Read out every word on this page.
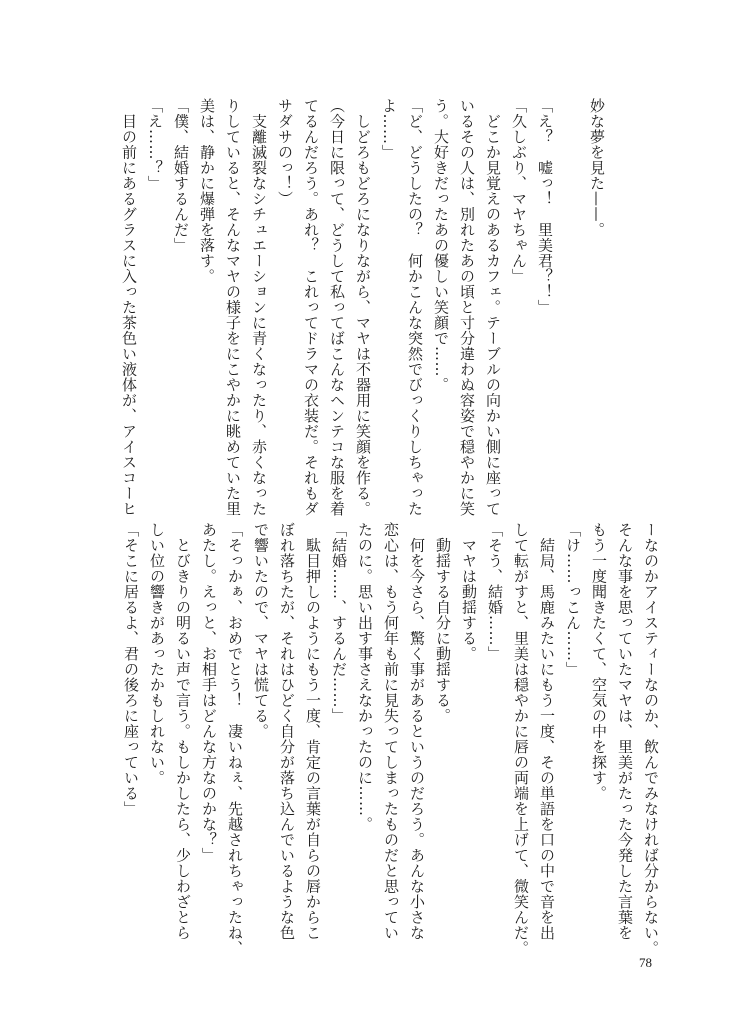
妙な夢を見た——。

「え？　嘘っ！　里美君？！」

「久しぶり、マヤちゃん」

　どこか見覚えのあるカフェ。テーブルの向かい側に座って

いるその人は、別れたあの頃と寸分違わぬ容姿で穏やかに笑

う。大好きだったあの優しい笑顔で……。

「ど、どうしたの？　何かこんな突然でびっくりしちゃった

よ……」

　しどろもどろになりながら、マヤは不器用に笑顔を作る。

（今日に限って、どうして私ってばこんなヘンテコな服を着

てるんだろう。あれ？　これってドラマの衣装だ。それもダ

サダサのっ！）

　支離滅裂なシチュエーションに青くなったり、赤くなった

りしていると、そんなマヤの様子をにこやかに眺めていた里

美は、静かに爆弾を落す。

「僕、結婚するんだ」

「え……？」

　目の前にあるグラスに入った茶色い液体が、アイスコーヒ

ーなのかアイスティーなのか、飲んでみなければ分からない。

そんな事を思っていたマヤは、里美がたった今発した言葉を

もう一度聞きたくて、空気の中を探す。

「け……っこん……」

　結局、馬鹿みたいにもう一度、その単語を口の中で音を出

して転がすと、里美は穏やかに唇の両端を上げて、微笑んだ。

「そう、結婚……」

　マヤは動揺する。

　動揺する自分に動揺する。

　何を今さら、驚く事があるというのだろう。あんな小さな

恋心は、もう何年も前に見失ってしまったものだと思ってい

たのに。思い出す事さえなかったのに……。

「結婚……、するんだ……」

　駄目押しのようにもう一度、肯定の言葉が自らの唇からこ

ぼれ落ちたが、それはひどく自分が落ち込んでいるような色

で響いたので、マヤは慌てる。

「そっかぁ、おめでとう！　凄いねぇ、先越されちゃったね、

あたし。えっと、お相手はどんな方なのかな？」

　とびきりの明るい声で言う。もしかしたら、少しわざとら

しい位の響きがあったかもしれない。

「そこに居るよ、君の後ろに座っている」

78
